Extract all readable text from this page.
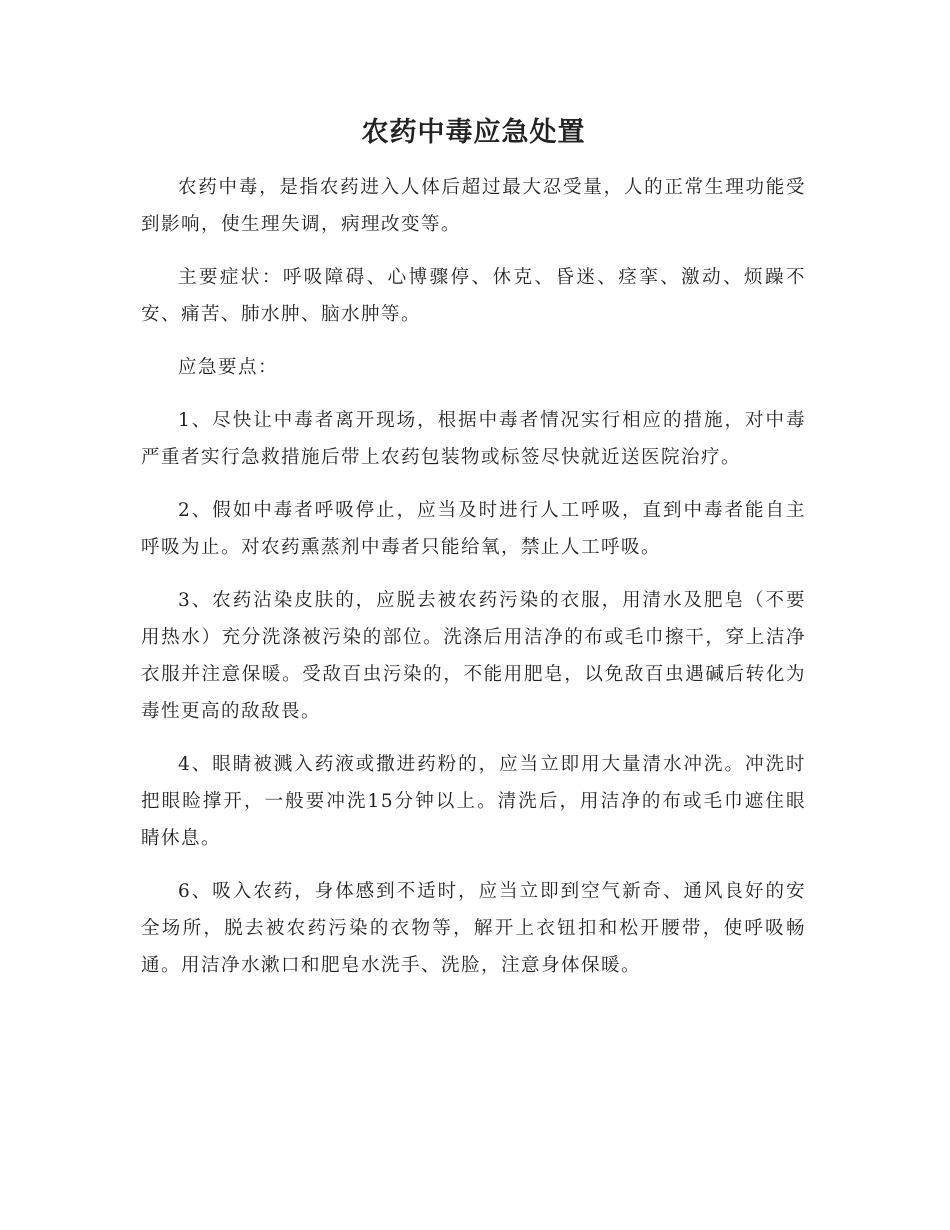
农药中毒应急处置

农药中毒，是指农药进入人体后超过最大忍受量，人的正常生理功能受到影响，使生理失调，病理改变等。

主要症状：呼吸障碍、心博骤停、休克、昏迷、痉挛、激动、烦躁不安、痛苦、肺水肿、脑水肿等。

应急要点：

1、尽快让中毒者离开现场，根据中毒者情况实行相应的措施，对中毒严重者实行急救措施后带上农药包装物或标签尽快就近送医院治疗。

2、假如中毒者呼吸停止，应当及时进行人工呼吸，直到中毒者能自主呼吸为止。对农药熏蒸剂中毒者只能给氧，禁止人工呼吸。

3、农药沾染皮肤的，应脱去被农药污染的衣服，用清水及肥皂（不要用热水）充分洗涤被污染的部位。洗涤后用洁净的布或毛巾擦干，穿上洁净衣服并注意保暖。受敌百虫污染的，不能用肥皂，以免敌百虫遇碱后转化为毒性更高的敌敌畏。

4、眼睛被溅入药液或撒进药粉的，应当立即用大量清水冲洗。冲洗时把眼睑撑开，一般要冲洗15分钟以上。清洗后，用洁净的布或毛巾遮住眼睛休息。

6、吸入农药，身体感到不适时，应当立即到空气新奇、通风良好的安全场所，脱去被农药污染的衣物等，解开上衣钮扣和松开腰带，使呼吸畅通。用洁净水漱口和肥皂水洗手、洗脸，注意身体保暖。
